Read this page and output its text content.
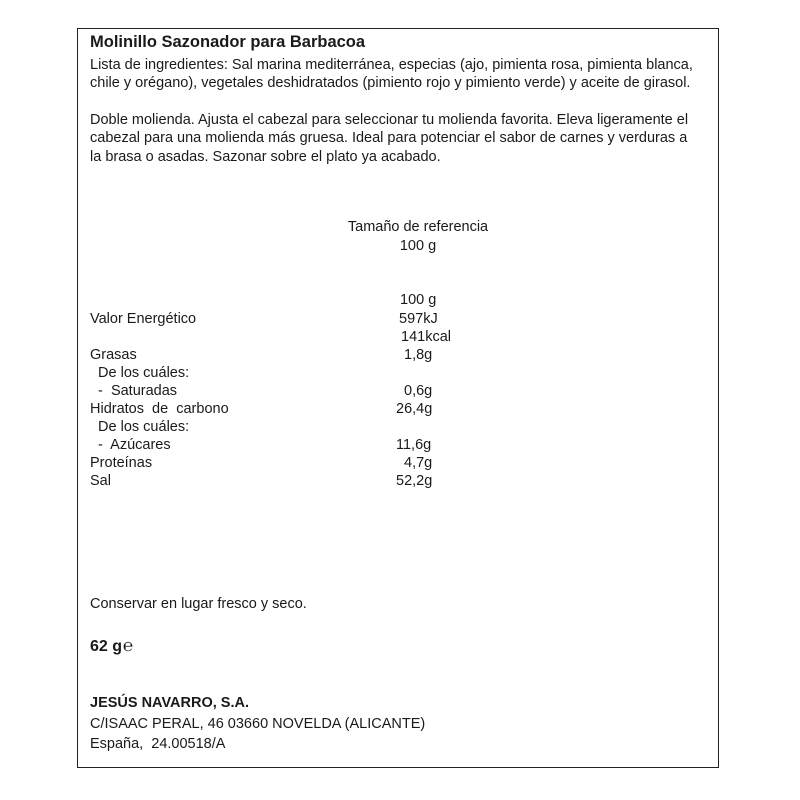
Molinillo Sazonador para Barbacoa
Lista de ingredientes: Sal marina mediterránea, especias (ajo, pimienta rosa, pimienta blanca, chile y orégano), vegetales deshidratados (pimiento rojo y pimiento verde) y aceite de girasol.
Doble molienda. Ajusta el cabezal para seleccionar tu molienda favorita. Eleva ligeramente el cabezal para una molienda más gruesa. Ideal para potenciar el sabor de carnes y verduras a la brasa o asadas. Sazonar sobre el plato ya acabado.
Tamaño de referencia
100 g
100 g
Valor Energético	597kJ
141kcal
Grasas	1,8g
De los cuáles:
-  Saturadas	0,6g
Hidratos  de  carbono	26,4g
De los cuáles:
-  Azúcares	11,6g
Proteínas	4,7g
Sal	52,2g
Conservar en lugar fresco y seco.
62 g℮
JESÚS NAVARRO, S.A.
C/ISAAC PERAL, 46 03660 NOVELDA (ALICANTE)
España,  24.00518/A
